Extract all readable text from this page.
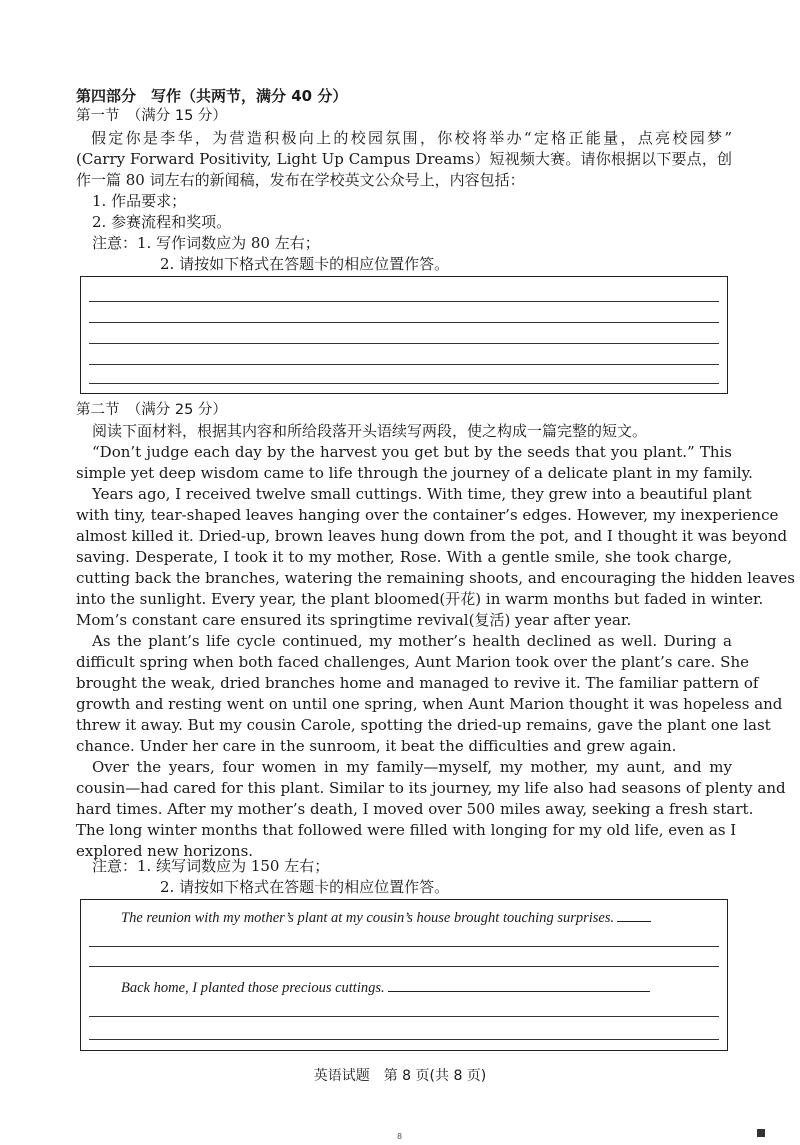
第四部分　写作（共两节，满分 40 分）
第一节　（满分 15 分）
假定你是李华，为营造积极向上的校园氛围，你校将举办“定格正能量，点亮校园梦”
(Carry Forward Positivity, Light Up Campus Dreams）短视频大赛。请你根据以下要点，创
作一篇 80 词左右的新闻稿，发布在学校英文公众号上，内容包括：
1. 作品要求；
2. 参赛流程和奖项。
注意：1. 写作词数应为 80 左右；
2. 请按如下格式在答题卡的相应位置作答。
第二节　（满分 25 分）
阅读下面材料，根据其内容和所给段落开头语续写两段，使之构成一篇完整的短文。
“Don’t judge each day by the harvest you get but by the seeds that you plant.” This
simple yet deep wisdom came to life through the journey of a delicate plant in my family.
Years ago, I received twelve small cuttings. With time, they grew into a beautiful plant
with tiny, tear-shaped leaves hanging over the container’s edges. However, my inexperience
almost killed it. Dried-up, brown leaves hung down from the pot, and I thought it was beyond
saving. Desperate, I took it to my mother, Rose. With a gentle smile, she took charge,
cutting back the branches, watering the remaining shoots, and encouraging the hidden leaves
into the sunlight. Every year, the plant bloomed(开花) in warm months but faded in winter.
Mom’s constant care ensured its springtime revival(复活) year after year.
As the plant’s life cycle continued, my mother’s health declined as well. During a
difficult spring when both faced challenges, Aunt Marion took over the plant’s care. She
brought the weak, dried branches home and managed to revive it. The familiar pattern of
growth and resting went on until one spring, when Aunt Marion thought it was hopeless and
threw it away. But my cousin Carole, spotting the dried-up remains, gave the plant one last
chance. Under her care in the sunroom, it beat the difficulties and grew again.
Over the years, four women in my family—myself, my mother, my aunt, and my
cousin—had cared for this plant. Similar to its journey, my life also had seasons of plenty and
hard times. After my mother’s death, I moved over 500 miles away, seeking a fresh start.
The long winter months that followed were filled with longing for my old life, even as I
explored new horizons.
注意：1. 续写词数应为 150 左右；
2. 请按如下格式在答题卡的相应位置作答。
The reunion with my mother’s plant at my cousin’s house brought touching surprises.
Back home, I planted those precious cuttings.
英语试题　第 8 页(共 8 页)
8
